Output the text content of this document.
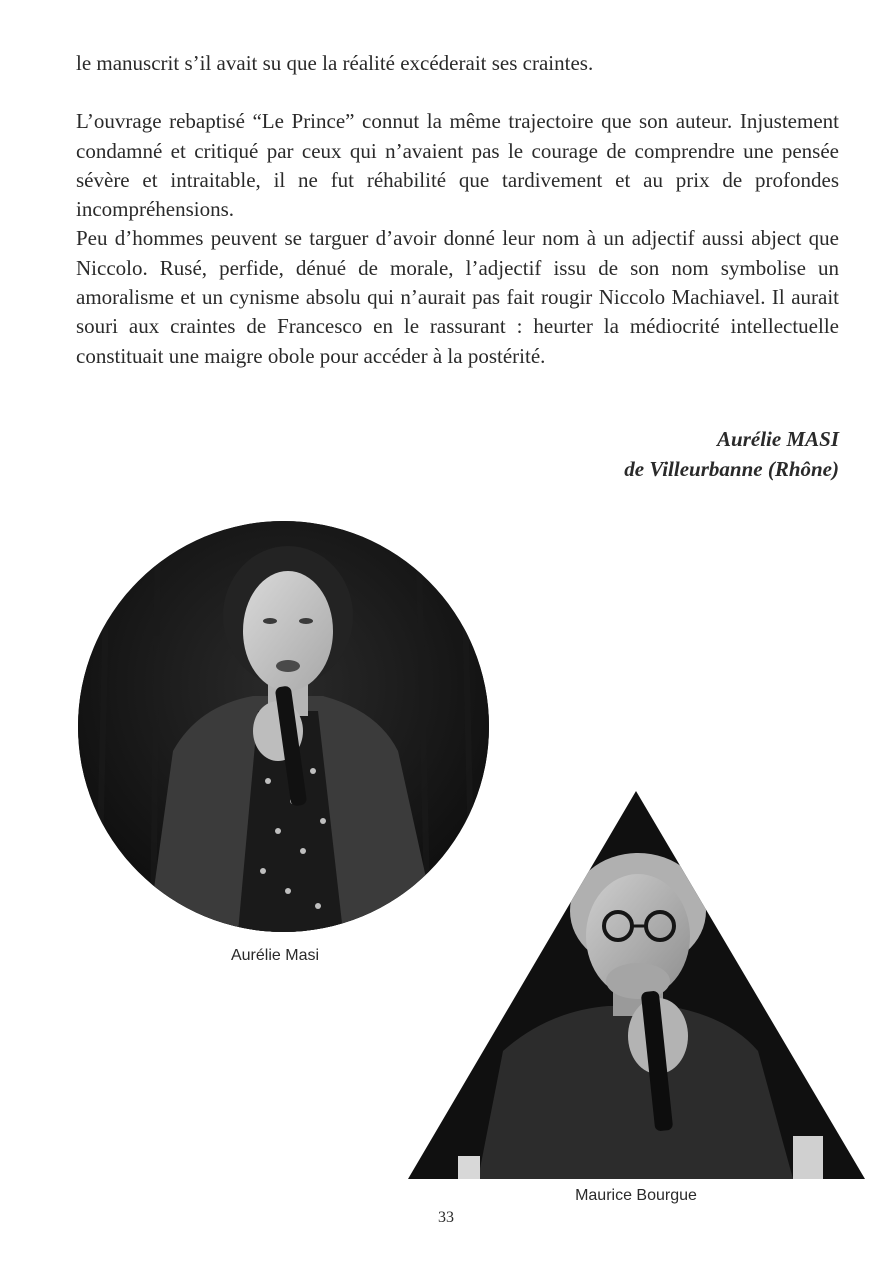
le manuscrit s’il avait su que la réalité excéderait ses craintes.

L’ouvrage rebaptisé “Le Prince” connut la même trajectoire que son auteur. Injustement condamné et critiqué par ceux qui n’avaient pas le courage de comprendre une pensée sévère et intraitable, il ne fut réhabilité que tardivement et au prix de profondes incompréhensions.

Peu d’hommes peuvent se targuer d’avoir donné leur nom à un adjectif aussi abject que Niccolo. Rusé, perfide, dénué de morale, l’adjectif issu de son nom symbolise un amoralisme et un cynisme absolu qui n’aurait pas fait rougir Niccolo Machiavel. Il aurait souri aux craintes de Francesco en le rassurant : heurter la médiocrité intellectuelle constituait une maigre obole pour accéder à la postérité.

Aurélie MASI
de Villeurbanne (Rhône)
Aurélie Masi
Maurice Bourgue
33
